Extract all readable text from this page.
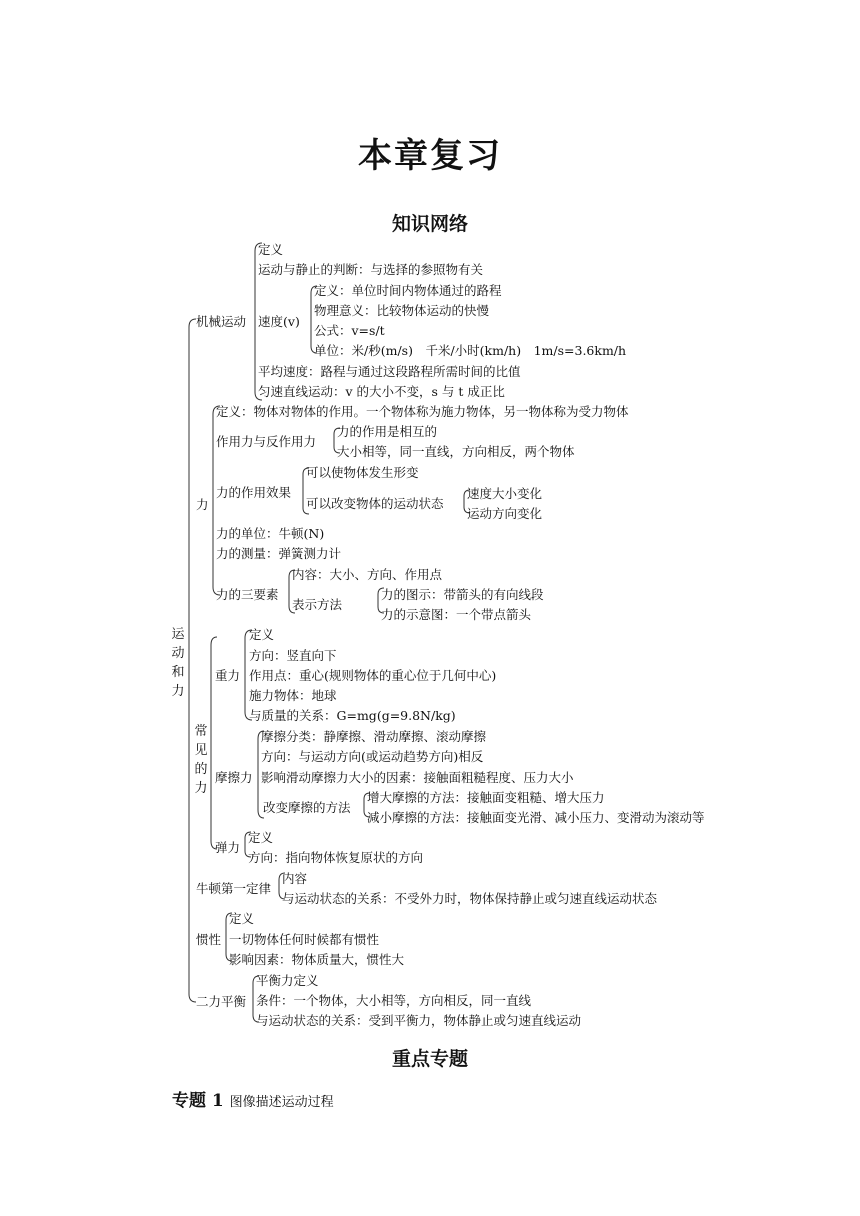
本章复习
知识网络
运动和力
机械运动
定义
运动与静止的判断：与选择的参照物有关
速度(v)
定义：单位时间内物体通过的路程
物理意义：比较物体运动的快慢
公式：v=s/t
单位：米/秒(m/s)　千米/小时(km/h)　1m/s=3.6km/h
平均速度：路程与通过这段路程所需时间的比值
匀速直线运动：v 的大小不变，s 与 t 成正比
力
定义：物体对物体的作用。一个物体称为施力物体，另一物体称为受力物体
作用力与反作用力
力的作用是相互的
大小相等，同一直线，方向相反，两个物体
力的作用效果
可以使物体发生形变
可以改变物体的运动状态
速度大小变化
运动方向变化
力的单位：牛顿(N)
力的测量：弹簧测力计
力的三要素
内容：大小、方向、作用点
表示方法
力的图示：带箭头的有向线段
力的示意图：一个带点箭头
常见的力
重力
定义
方向：竖直向下
作用点：重心(规则物体的重心位于几何中心)
施力物体：地球
与质量的关系：G=mg(g=9.8N/kg)
摩擦力
摩擦分类：静摩擦、滑动摩擦、滚动摩擦
方向：与运动方向(或运动趋势方向)相反
影响滑动摩擦力大小的因素：接触面粗糙程度、压力大小
改变摩擦的方法
增大摩擦的方法：接触面变粗糙、增大压力
减小摩擦的方法：接触面变光滑、减小压力、变滑动为滚动等
弹力
定义
方向：指向物体恢复原状的方向
牛顿第一定律
内容
与运动状态的关系：不受外力时，物体保持静止或匀速直线运动状态
惯性
定义
一切物体任何时候都有惯性
影响因素：物体质量大，惯性大
二力平衡
平衡力定义
条件：一个物体，大小相等，方向相反，同一直线
与运动状态的关系：受到平衡力，物体静止或匀速直线运动
重点专题
专题 1 图像描述运动过程
